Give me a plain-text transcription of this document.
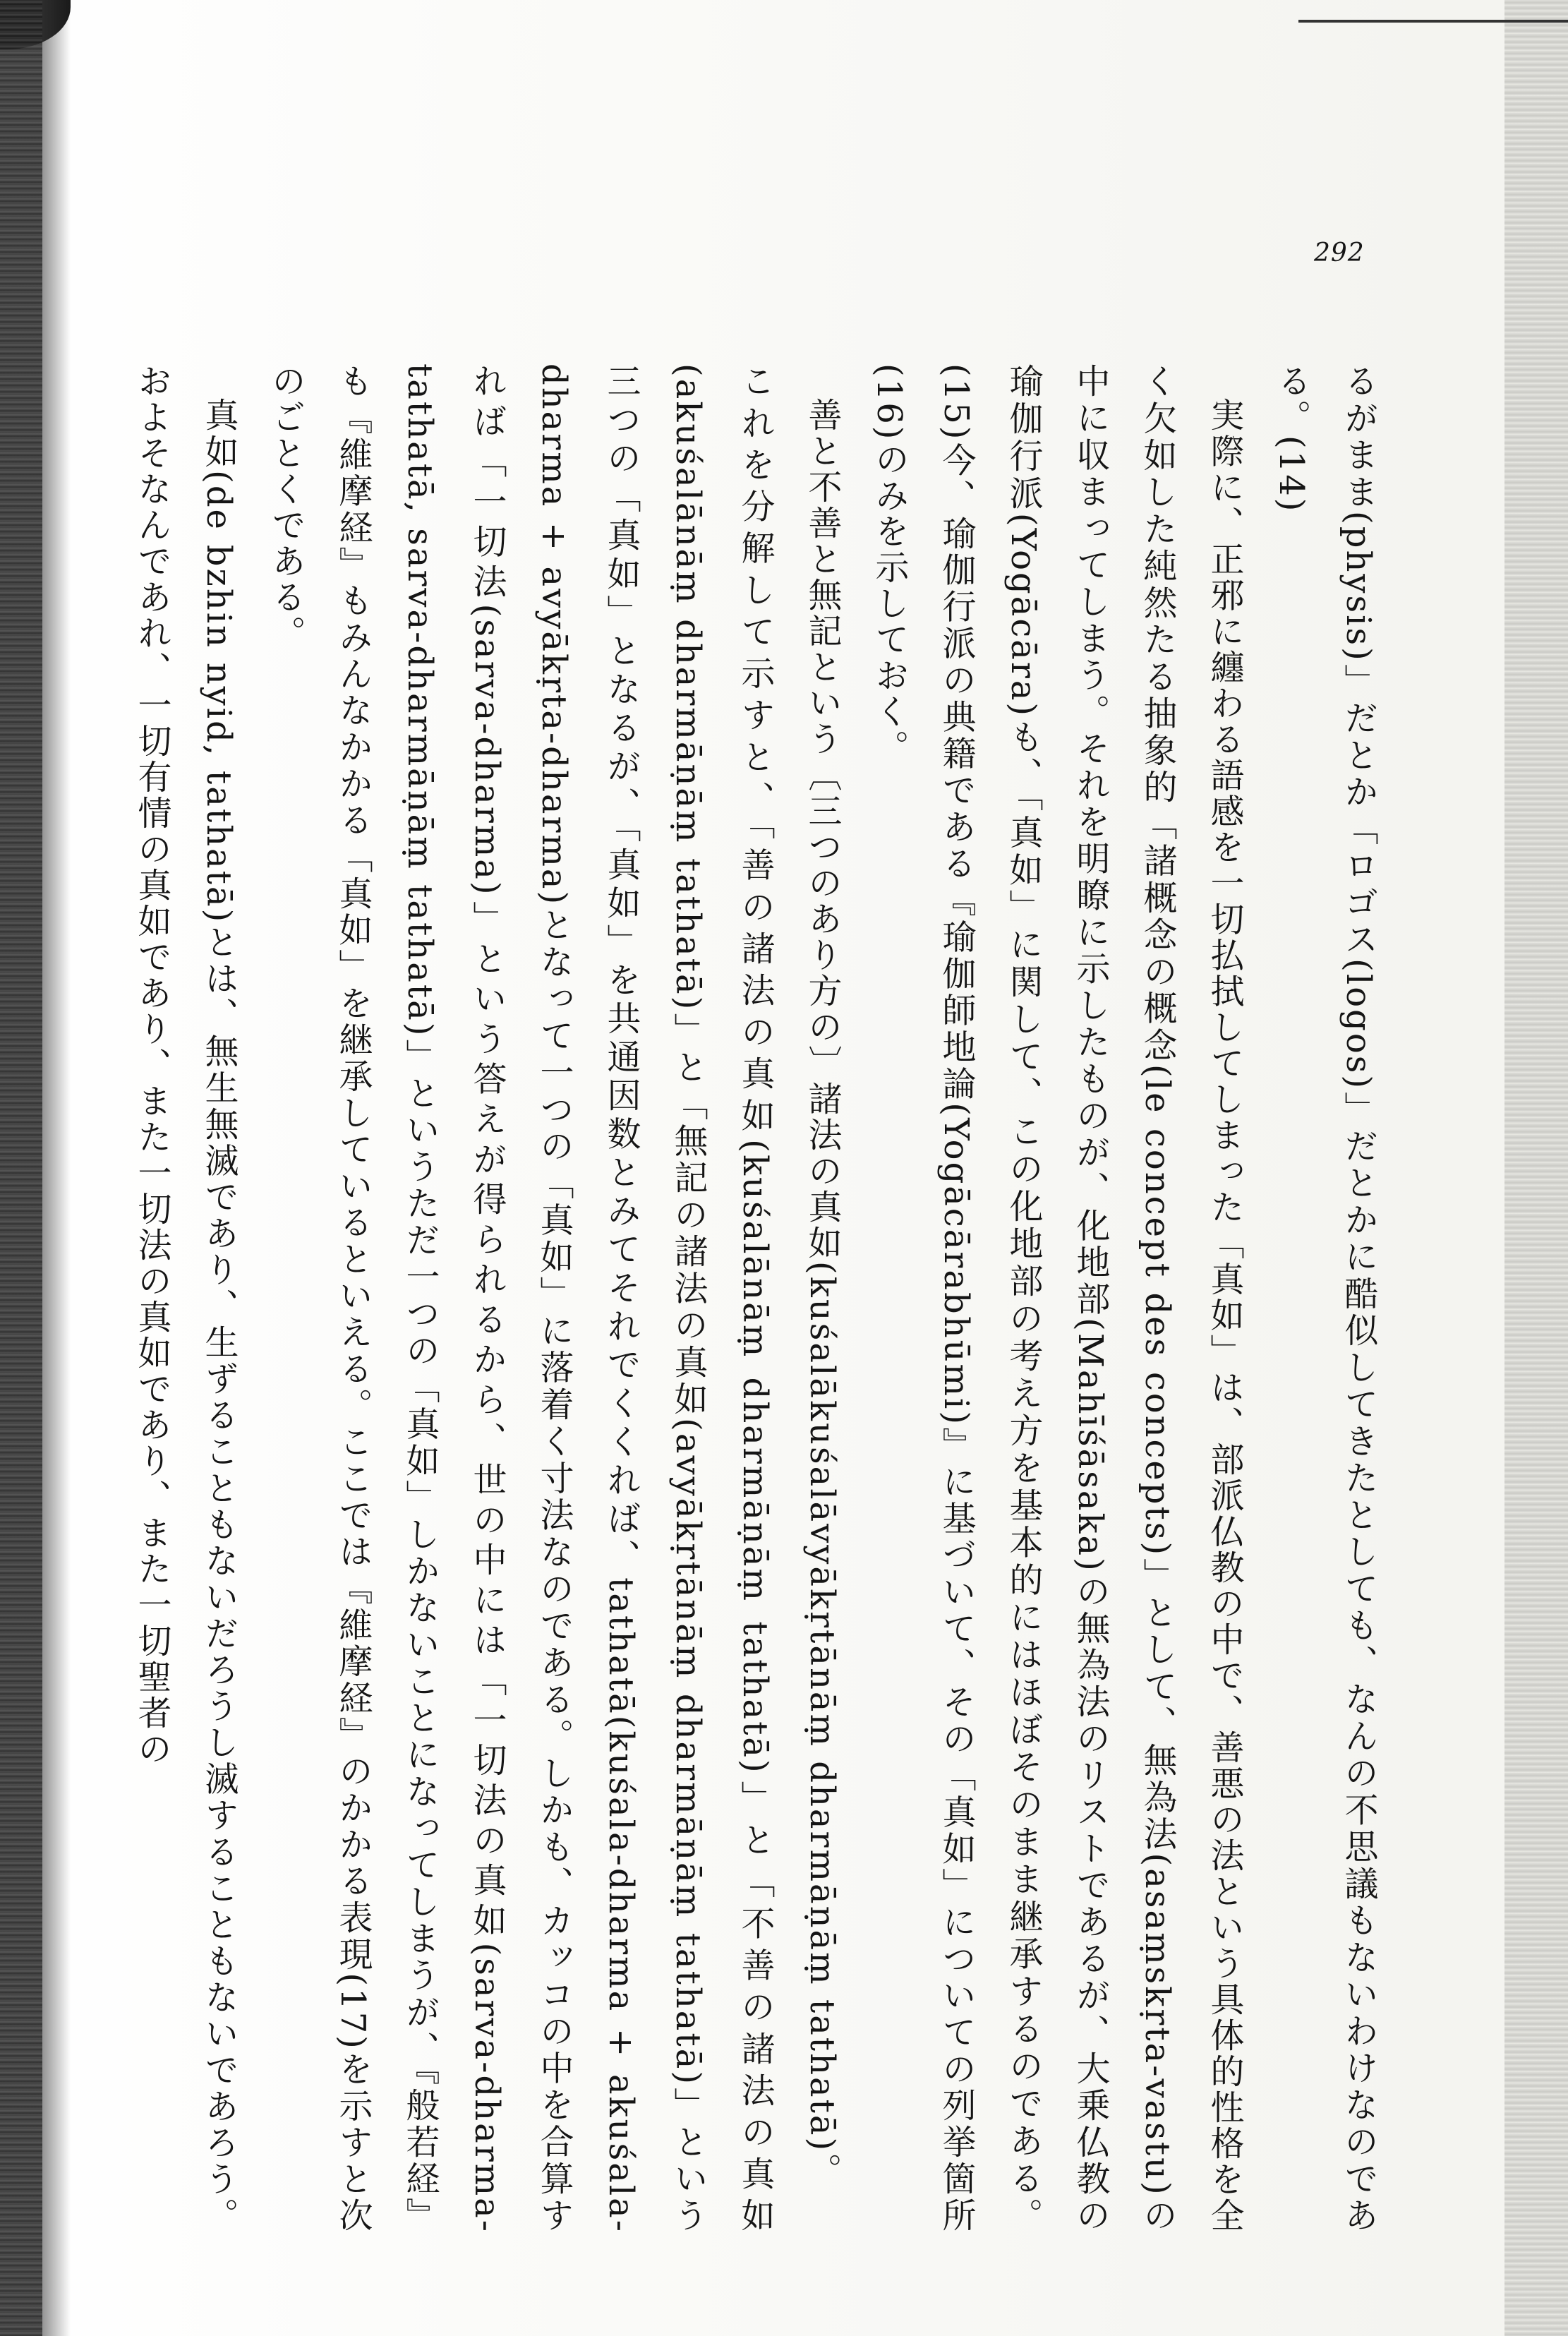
292

るがまま(physis)」だとか「ロゴス(logos)」だとかに酷似してきたとしても、なんの不思議もないわけなのである。(14)

実際に、正邪に纏わる語感を一切払拭してしまった「真如」は、部派仏教の中で、善悪の法という具体的性格を全く欠如した純然たる抽象的「諸概念の概念(le concept des concepts)」として、無為法(asaṃskṛta-vastu)の中に収まってしまう。それを明瞭に示したものが、化地部(Mahīśāsaka)の無為法のリストであるが、大乗仏教の瑜伽行派(Yogācāra)も、「真如」に関して、この化地部の考え方を基本的にはほぼそのまま継承するのである。(15)今、瑜伽行派の典籍である『瑜伽師地論(Yogācārabhūmi)』に基づいて、その「真如」についての列挙箇所(16)のみを示しておく。

善と不善と無記という〔三つのあり方の〕諸法の真如(kuśalākuśalāvyākṛtānāṃ dharmāṇāṃ tathatā)。

これを分解して示すと、「善の諸法の真如(kuśalānāṃ dharmāṇāṃ tathatā)」と「不善の諸法の真如(akuśalānāṃ dharmāṇāṃ tathatā)」と「無記の諸法の真如(avyākṛtānāṃ dharmāṇāṃ tathatā)」という三つの「真如」となるが、「真如」を共通因数とみてそれでくくれば、tathatā(kuśala-dharma + akuśala-dharma + avyākṛta-dharma)となって一つの「真如」に落着く寸法なのである。しかも、カッコの中を合算すれば「一切法(sarva-dharma)」という答えが得られるから、世の中には「一切法の真如(sarva-dharma-tathatā, sarva-dharmāṇāṃ tathatā)」というただ一つの「真如」しかないことになってしまうが、『般若経』も『維摩経』もみんなかかる「真如」を継承しているといえる。ここでは『維摩経』のかかる表現(17)を示すと次のごとくである。

真如(de bzhin nyid, tathatā)とは、無生無滅であり、生ずることもないだろうし滅することもないであろう。およそなんであれ、一切有情の真如であり、また一切法の真如であり、また一切聖者の
